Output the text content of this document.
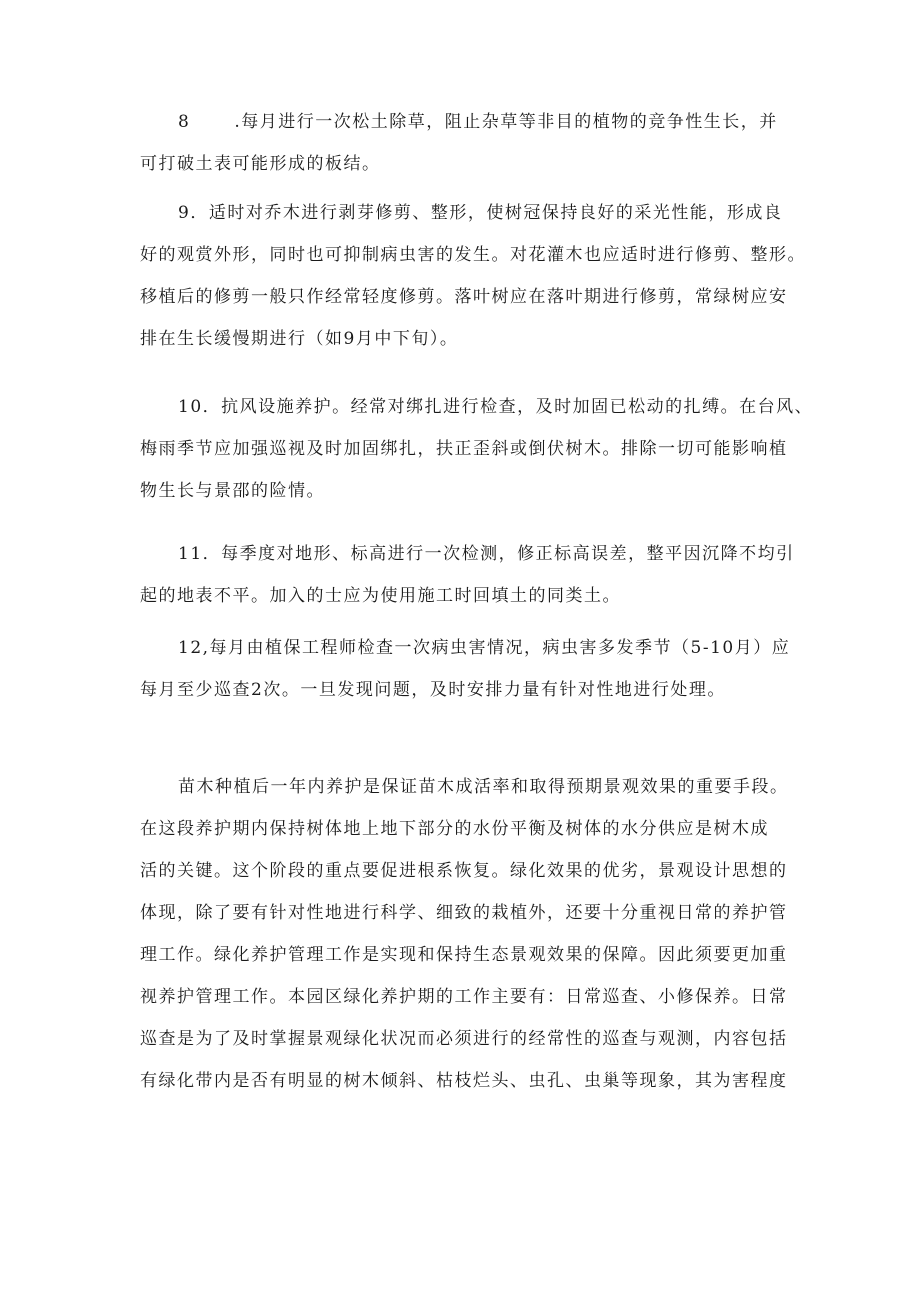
8	.每月进行一次松土除草，阻止杂草等非目的植物的竞争性生长，并
可打破土表可能形成的板结。

9．适时对乔木进行剥芽修剪、整形，使树冠保持良好的采光性能，形成良
好的观赏外形，同时也可抑制病虫害的发生。对花灌木也应适时进行修剪、整形。
移植后的修剪一般只作经常轻度修剪。落叶树应在落叶期进行修剪，常绿树应安
排在生长缓慢期进行（如9月中下旬）。

10．抗风设施养护。经常对绑扎进行检查，及时加固已松动的扎缚。在台风、
梅雨季节应加强巡视及时加固绑扎，扶正歪斜或倒伏树木。排除一切可能影响植
物生长与景邵的险情。

11．每季度对地形、标高进行一次检测，修正标高误差，整平因沉降不均引
起的地表不平。加入的士应为使用施工时回填土的同类土。

12,每月由植保工程师检查一次病虫害情况，病虫害多发季节（5-10月）应
每月至少巡查2次。一旦发现问题，及时安排力量有针对性地进行处理。

苗木种植后一年内养护是保证苗木成活率和取得预期景观效果的重要手段。
在这段养护期内保持树体地上地下部分的水份平衡及树体的水分供应是树木成
活的关键。这个阶段的重点要促进根系恢复。绿化效果的优劣，景观设计思想的
体现，除了要有针对性地进行科学、细致的栽植外，还要十分重视日常的养护管
理工作。绿化养护管理工作是实现和保持生态景观效果的保障。因此须要更加重
视养护管理工作。本园区绿化养护期的工作主要有：日常巡查、小修保养。日常
巡查是为了及时掌握景观绿化状况而必须进行的经常性的巡查与观测，内容包括
有绿化带内是否有明显的树木倾斜、枯枝烂头、虫孔、虫巢等现象，其为害程度
